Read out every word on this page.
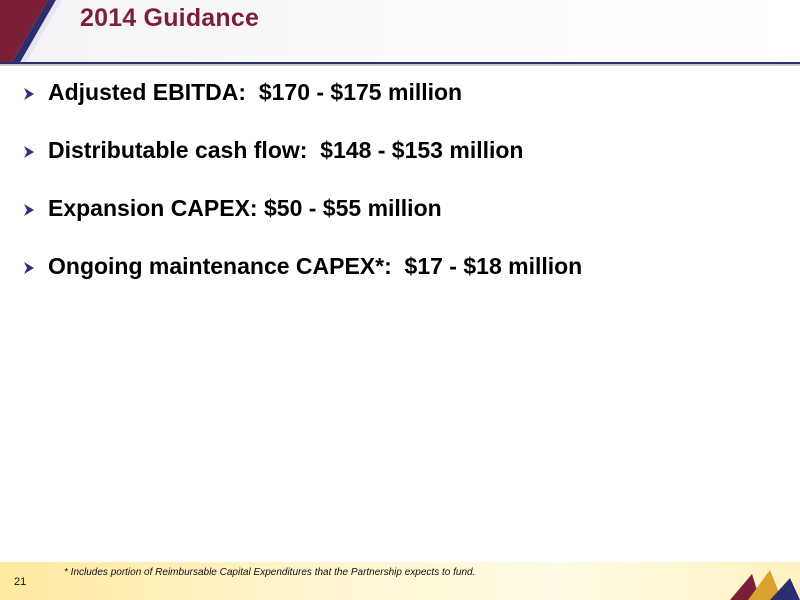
2014 Guidance
Adjusted EBITDA:  $170 - $175 million
Distributable cash flow:  $148 - $153 million
Expansion CAPEX: $50 - $55 million
Ongoing maintenance CAPEX*:  $17 - $18 million
21
* Includes portion of Reimbursable Capital Expenditures that the Partnership expects to fund.
